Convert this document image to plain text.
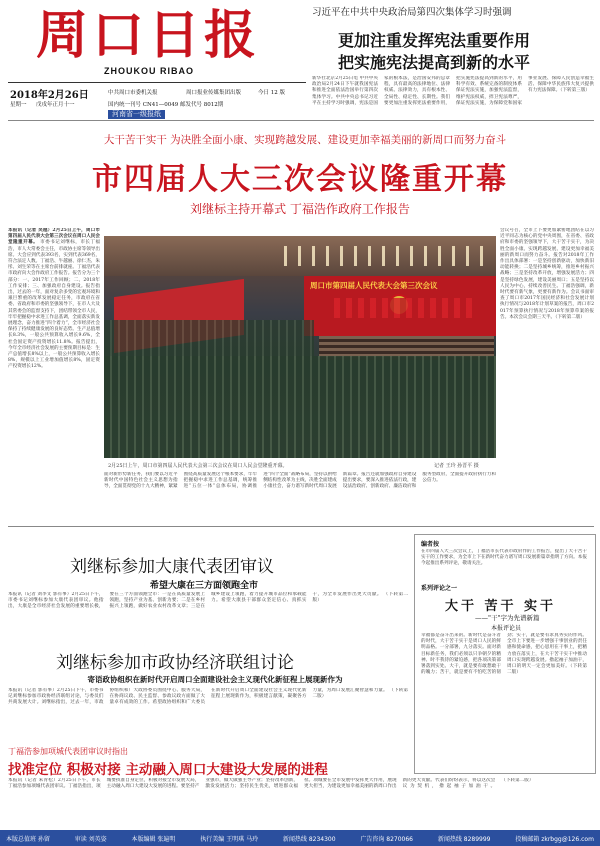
周口日报
ZHOUKOU RIBAO
2018年2月26日
星期一 戊戌年正月十一
中共周口市委机关报	周口报业传媒集团出版	今日 12 版
国内统一刊号 CN41—0049 邮发代号 8012期
河南省一级报纸
习近平在中共中央政治局第四次集体学习时强调
更加注重发挥宪法重要作用
把实施宪法提高到新的水平
新华社北京2月25日电 中共中央政治局2月24日下午就我国宪法和推进全面依法治国举行第四次集体学习。中共中央总书记习近平在主持学习时强调，宪法是国家的根本法，是治国安邦的总章程，具有最高的法律地位、法律权威、法律效力，具有根本性、全局性、稳定性、长期性。我们要更加注重发挥宪法重要作用，把实施宪法提高到新的水平，用科学有效、系统完备的制度体系保证宪法实施，加强宪法监督，维护宪法权威，捍卫宪法尊严，保证宪法实施，为保障党和国家事业发展、保障人民创造幸福生活、保障中华民族伟大复兴提供有力宪法保障。（下转第三版）
大干苦干实干 为决胜全面小康、实现跨越发展、建设更加幸福美丽的新周口而努力奋斗
市四届人大三次会议隆重开幕
刘继标主持开幕式 丁福浩作政府工作报告
本报讯（记者 吴越）2月25日上午，周口市第四届人民代表大会第三次会议在周口人民会堂隆重开幕。 市委书记刘继标，市长丁福浩，市人大常委会主任，市政协主席等领导出席。大会应到代表393名，实到代表369名，符合法定人数。丁福浩、牛越丽、徐仁杰、朱彤、刘生荣等在主席台前排就座。丁福浩代表市政府向大会作政府工作报告。报告分为三个部分：一、2017年工作回顾；二、2018年工作安排；三、加强政府自身建设。报告指出，过去的一年，面对复杂多变的宏观环境和艰巨繁重的改革发展稳定任务，市政府在省委、省政府和市委的坚强领导下，在市人大及其常委会的监督支持下，团结带领全市人民，牢牢把握稳中求进工作总基调，全面落实新发展理念，奋力推进“四个着力”，全市经济社会保持了持续健康发展的良好态势。生产总值增长8.3%，一般公共预算收入增长9.6%，全社会固定资产投资增长11.8%。报告提出，今年全市经济社会发展的主要预期目标是：生产总值增长8%以上，一般公共预算收入增长8%，规模以上工业增加值增长8%，固定资产投资增长12%。
周口市第四届人民代表大会第三次会议
2月25日上午，周口市第四届人民代表大会第三次会议在周口人民会堂隆重开幕。	记者 王玲 孙晋平 摄
会议号召，全市上下要更加紧密地团结在以习近平同志为核心的党中央周围，在省委、省政府和市委的坚强领导下，大干苦干实干，为决胜全面小康、实现跨越发展、建设更加幸福美丽的新周口而努力奋斗。报告对2018年工作作出具体部署：一是坚持创新驱动，加快新旧动能转换；二是坚持城乡统筹，推进乡村振兴战略；三是坚持改革开放，增强发展活力；四是坚持绿色发展，建设美丽周口；五是坚持以人民为中心，持续改善民生。丁福浩强调，新时代要有新气象，更要有新作为。会议书面审查了周口市2017年国民经济和社会发展计划执行情况与2018年计划草案的报告，周口市2017年预算执行情况与2018年预算草案的报告。本次会议会期三天半。（下转第二版）
面对新形势新任务，我们要以习近平新时代中国特色社会主义思想为指导，全面贯彻党的十九大精神，紧紧围绕高质量发展这个根本要求，牢牢把握稳中求进工作总基调，统筹推进“五位一体”总体布局，协调推进“四个全面”战略布局，坚持以供给侧结构性改革为主线，决胜全面建成小康社会，奋力谱写新时代周口发展新篇章。报告还就加强政府自身建设提出要求，要深入推进依法行政，建设法治政府、创新政府、廉洁政府和服务型政府，全面提升政府执行力和公信力。
刘继标参加大康代表团审议
希望大康在三方面领跑全市
本报讯（记者 刘李文 郭有事）2月25日下午，市委书记刘继标参加大康代表团审议。他指出，大康是全市经济社会发展的重要增长极，要在三个方面领跑全市：一是在高质量发展上领跑，坚持产业为基、创新为要；二是在乡村振兴上领跑，做好农业农村改革文章；三是在城乡建设上领跑，着力提升城市品位和承载能力。希望大康县干部群众坚定信心、真抓实干，为全市发展作出更大贡献。 （下转第二版）
刘继标参加市政协经济联组讨论
寄语政协组织在新时代开启周口全面建设社会主义现代化新征程上展现新作为
本报讯（记者 郭有事）2月25日下午，市委书记刘继标参加市政协经济联组讨论，与委员们共商发展大计。刘继标指出，过去一年，市政协组织和广大政协委员围绕中心、服务大局，在协商议政、民主监督、参政议政方面做了大量卓有成效的工作。希望政协组织和广大委员在新时代开启周口全面建设社会主义现代化新征程上展现新作为，积极建言献策，凝聚各方力量，为周口发展汇聚智慧和力量。 （下转第二版）
丁福浩参加项城代表团审议时指出
找准定位 积极对接 主动融入周口大建设大发展的进程
本报讯（记者 朱青松）2月25日下午，市长丁福浩参加项城代表团审议。丁福浩指出，项城要找准自身定位，积极对接全市发展大局，主动融入周口大建设大发展的进程。要坚持产业强市，做大做强主导产业；坚持改革创新，激发发展活力；坚持民生优先，增进群众福祉。项城要在全市发展中发挥更大作用，展现更大担当，为建设更加幸福美丽的新周口作出新的更大贡献。代表们纷纷表示，将以这次会议为契机，撸起袖子加油干。 （下转第二版）
编者按
在市四届人大三次会议上，丁福浩市长代表市政府作的工作报告，提出了大干苦干实干的工作要求，为全市上下在新时代奋力谱写周口发展新篇章指明了方向。本报今起推出系列评论，敬请关注。
系列评论之一
大干 苦干 实干
——"干"字为先谱新篇
本报评论员
幸福都是奋斗出来的。新时代是奋斗者的时代，大干苦干实干是周口人民的鲜明品格。一分部署，九分落实。面对新目标新任务，我们必须以只争朝夕的精神、时不我待的紧迫感，把各项决策部署落到实处。大干，就是要有敢想敢干的魄力；苦干，就是要有不怕吃苦的韧劲；实干，就是要有求真务实的作风。全市上下要进一步增强干事创业的责任感和使命感，把心思用在干事上，把精力放在落实上，在大干苦干实干中推动周口实现跨越发展。撸起袖子加油干，周口的明天一定会更加美好。（下转第二版）
本版总值班 孙留	审读 刘英姿	本版编辑 张遍明	执行美编 王明琪 马玲	新闻热线 8234300	广告咨询 8270066	新闻热线 8289999	投稿邮箱 zkrbgg@126.com
